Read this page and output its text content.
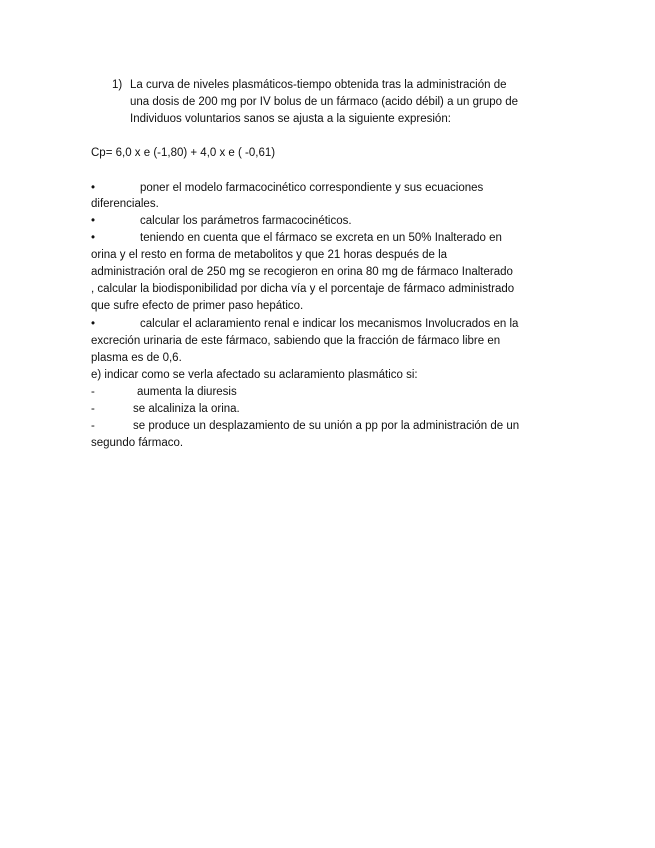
1) La curva de niveles plasmáticos-tiempo obtenida tras la administración de
una dosis de 200 mg por IV bolus de un fármaco (acido débil) a un grupo de
Individuos voluntarios sanos se ajusta a la siguiente expresión:
Cp= 6,0 x e (-1,80) + 4,0 x e ( -0,61)
•	poner el modelo farmacocinético correspondiente y sus ecuaciones
diferenciales.
•	calcular los parámetros farmacocinéticos.
•	teniendo en cuenta que el fármaco se excreta en un 50% Inalterado en
orina y el resto en forma de metabolitos y que 21 horas después de la
administración oral de 250 mg se recogieron en orina 80 mg de fármaco Inalterado
, calcular la biodisponibilidad por dicha vía y el porcentaje de fármaco administrado
que sufre efecto de primer paso hepático.
•	calcular el aclaramiento renal e indicar los mecanismos Involucrados en la
excreción urinaria de este fármaco, sabiendo que la fracción de fármaco libre en
plasma es de 0,6.
e) indicar como se verla afectado su aclaramiento plasmático si:
-	aumenta la diuresis
-	se alcaliniza la orina.
-	se produce un desplazamiento de su unión a pp por la administración de un
segundo fármaco.
